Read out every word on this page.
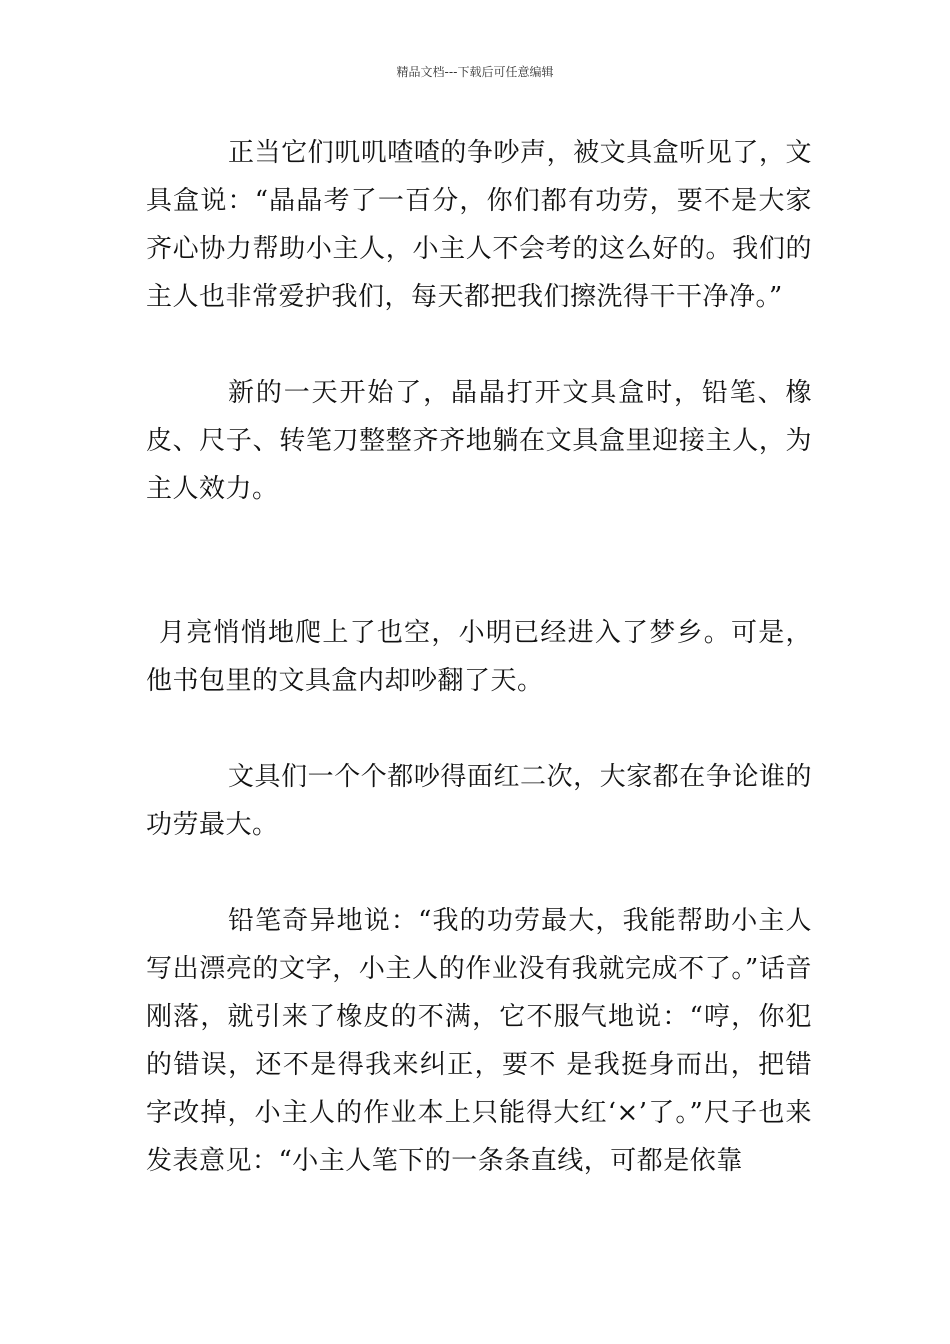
精品文档---下载后可任意编辑

正当它们叽叽喳喳的争吵声，被文具盒听见了，文具盒说：“晶晶考了一百分，你们都有功劳，要不是大家齐心协力帮助小主人，小主人不会考的这么好的。我们的主人也非常爱护我们，每天都把我们擦洗得干干净净。”

新的一天开始了，晶晶打开文具盒时，铅笔、橡皮、尺子、转笔刀整整齐齐地躺在文具盒里迎接主人，为主人效力。

月亮悄悄地爬上了也空，小明已经进入了梦乡。可是，他书包里的文具盒内却吵翻了天。

文具们一个个都吵得面红二次，大家都在争论谁的功劳最大。

铅笔奇异地说：“我的功劳最大，我能帮助小主人写出漂亮的文字，小主人的作业没有我就完成不了。”话音刚落，就引来了橡皮的不满，它不服气地说：“哼，你犯的错误，还不是得我来纠正，要不 是我挺身而出，把错字改掉，小主人的作业本上只能得大红‘×’了。”尺子也来发表意见：“小主人笔下的一条条直线，可都是依靠
